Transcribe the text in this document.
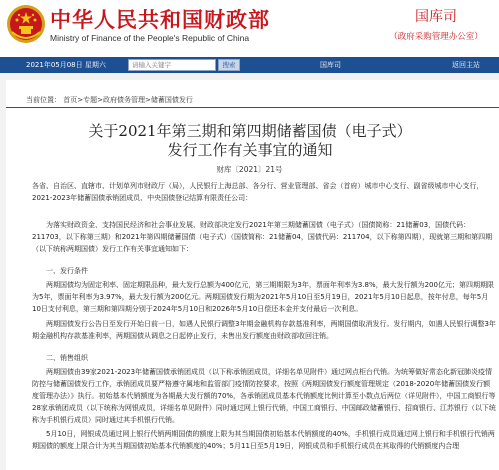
中华人民共和国财政部
Ministry of Finance of the People's Republic of China
国库司
（政府采购管理办公室）
2021年05月08日 星期六
请输入关键字	搜索	国库司	返回主站
当前位置： 首页>专题>政府债务管理>储蓄国债发行
关于2021年第三期和第四期储蓄国债（电子式）
发行工作有关事宜的通知
财库〔2021〕21号
各省、自治区、直辖市、计划单列市财政厅（局），人民银行上海总部、各分行、营业管理部、省会（首府）城市中心支行、副省级城市中心支行，2021-2023年储蓄国债承销团成员、中央国债登记结算有限责任公司：
为落实财政资金、支持国民经济和社会事业发展、财政部决定发行2021年第三期储蓄国债（电子式）（国债简称：21储蓄03，国债代码：211703，以下称第三期）和2021年第四期储蓄国债（电子式）（国债简称：21储蓄04，国债代码：211704，以下称第四期），现就第三期和第四期（以下统称两期国债）发行工作有关事宜通知如下：
一、发行条件
两期国债均为固定利率、固定期限品种，最大发行总额为400亿元，第三期期限为3年，票面年利率为3.8%，最大发行额为200亿元；第四期期限为5年，票面年利率为3.97%，最大发行额为200亿元。两期国债发行期为2021年5月10日至5月19日，2021年5月10日起息，按年付息，每年5月10日支付利息，第三期和第四期分别于2024年5月10日和2026年5月10日偿还本金并支付最后一次利息。
两期国债发行公告日至发行开始日前一日，如遇人民银行调整3年期金融机构存款基准利率，两期国债取消发行。发行期内，如遇人民银行调整3年期金融机构存款基准利率，两期国债从调息之日起停止发行，未售出发行额度由财政部收回注销。
二、销售组织
两期国债由39家2021-2023年储蓄国债承销团成员（以下称承销团成员，详细名单见附件）通过网点柜台代销。为统筹做好常态化新冠肺炎疫情防控与储蓄国债发行工作，承销团成员要严格遵守属地和监管部门疫情防控要求，按照《两期国债发行额度管理规定（2018-2020年储蓄国债发行额度管理办法）》执行。初始基本代销额度为各期最大发行额的70%，各承销团成员基本代销额度比例计算至小数点后两位（详见附件），中国工商银行等28家承销团成员（以下统称为网银成员，详细名单见附件）同时通过网上银行代销，中国工商银行、中国邮政储蓄银行、招商银行、江苏银行（以下统称为手机银行成员）同时通过其手机银行代销。
5月10日，网银成员通过网上银行代销两期国债的额度上限为其当期国债初始基本代销额度的40%，手机银行成员通过网上银行和手机银行代销两期国债的额度上限合计为其当期国债初始基本代销额度的40%；5月11日至5月19日，网银成员和手机银行成员在其取得的代销额度内合理
